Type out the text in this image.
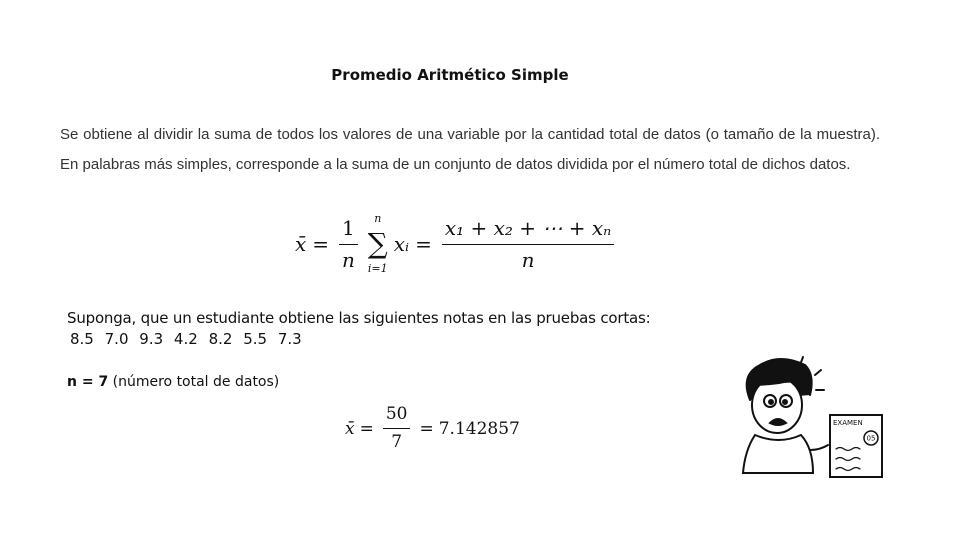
Promedio Aritmético Simple
Se obtiene al dividir la suma de todos los valores de una variable por la cantidad total de datos (o tamaño de la muestra). En palabras más simples, corresponde a la suma de un conjunto de datos dividida por el número total de dichos datos.
x̄ = $\frac{1}{n}$ n
∑
i=1
xᵢ = $\frac{\text{x₁ + x₂ + ⋯ + xₙ}}{n}$
Suponga, que un estudiante obtiene las siguientes notas en las pruebas cortas:
8.5 7.0 9.3 4.2 8.2 5.5 7.3
n = 7 (número total de datos)
x̄ = $\frac{50}{7} = 7.142857$	EXAMEN
05
